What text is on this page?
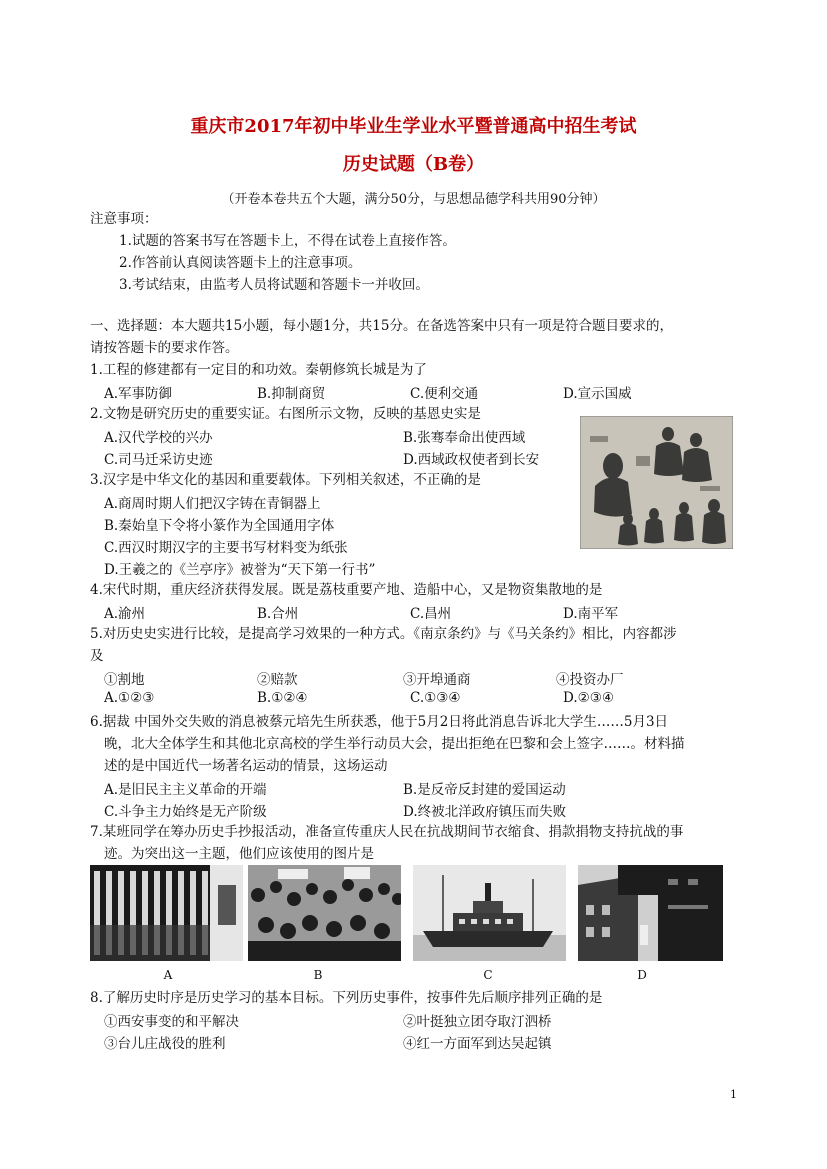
重庆市2017年初中毕业生学业水平暨普通高中招生考试
历史试题（B卷）
（开卷本卷共五个大题，满分50分，与思想品德学科共用90分钟）
注意事项：
1.试题的答案书写在答题卡上，不得在试卷上直接作答。
2.作答前认真阅读答题卡上的注意事项。
3.考试结束，由监考人员将试题和答题卡一并收回。
一、选择题：本大题共15小题，每小题1分，共15分。在备选答案中只有一项是符合题目要求的，
请按答题卡的要求作答。
1.工程的修建都有一定目的和功效。秦朝修筑长城是为了
A.军事防御	B.抑制商贸	C.便利交通	D.宣示国威
2.文物是研究历史的重要实证。右图所示文物，反映的基恩史实是
A.汉代学校的兴办	B.张骞奉命出使西域
C.司马迁采访史迹	D.西域政权使者到长安
3.汉字是中华文化的基因和重要载体。下列相关叙述，不正确的是
A.商周时期人们把汉字铸在青铜器上
B.秦始皇下令将小篆作为全国通用字体
C.西汉时期汉字的主要书写材料变为纸张
D.王羲之的《兰亭序》被誉为“天下第一行书”
4.宋代时期，重庆经济获得发展。既是荔枝重要产地、造船中心，又是物资集散地的是
A.渝州	B.合州	C.昌州	D.南平军
5.对历史史实进行比较，是提高学习效果的一种方式。《南京条约》与《马关条约》相比，内容都涉
及
①割地	②赔款	③开埠通商	④投资办厂
A.①②③	B.①②④	C.①③④	D.②③④
6.据裁 中国外交失败的消息被蔡元培先生所获悉，他于5月2日将此消息告诉北大学生……5月3日
晚，北大全体学生和其他北京高校的学生举行动员大会，提出拒绝在巴黎和会上签字……。材料描
述的是中国近代一场著名运动的情景，这场运动
A.是旧民主主义革命的开端	B.是反帝反封建的爱国运动
C.斗争主力始终是无产阶级	D.终被北洋政府镇压而失败
7.某班同学在筹办历史手抄报活动，准备宣传重庆人民在抗战期间节衣缩食、捐款捐物支持抗战的事
迹。为突出这一主题，他们应该使用的图片是
A	B	C	D
8.了解历史时序是历史学习的基本目标。下列历史事件，按事件先后顺序排列正确的是
①西安事变的和平解决	②叶挺独立团夺取汀泗桥
③台儿庄战役的胜利	④红一方面军到达吴起镇
1
